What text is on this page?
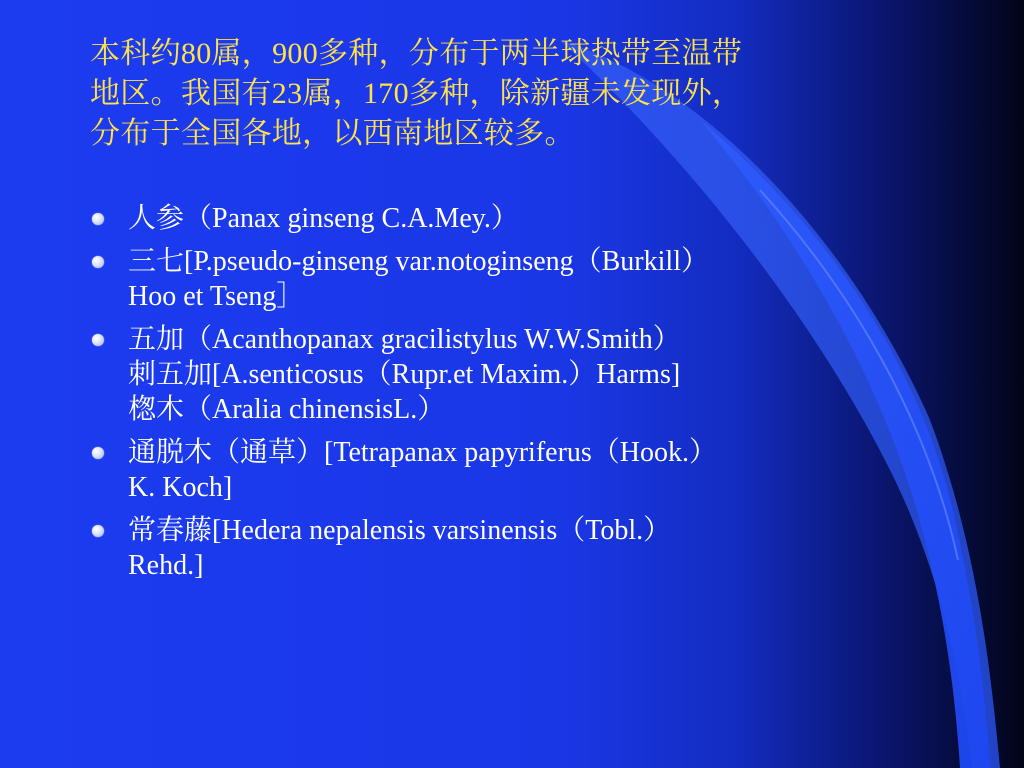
本科约80属，900多种，分布于两半球热带至温带
地区。我国有23属，170多种，除新疆未发现外，
分布于全国各地，以西南地区较多。
人参（Panax ginseng C.A.Mey.）
三七[P.pseudo-ginseng var.notoginseng（Burkill）
Hoo et Tseng］
五加（Acanthopanax gracilistylus W.W.Smith）
刺五加[A.senticosus（Rupr.et Maxim.）Harms]
楤木（Aralia chinensisL.）
通脱木（通草）[Tetrapanax papyriferus（Hook.）
K. Koch]
常春藤[Hedera nepalensis varsinensis（Tobl.）
Rehd.]
